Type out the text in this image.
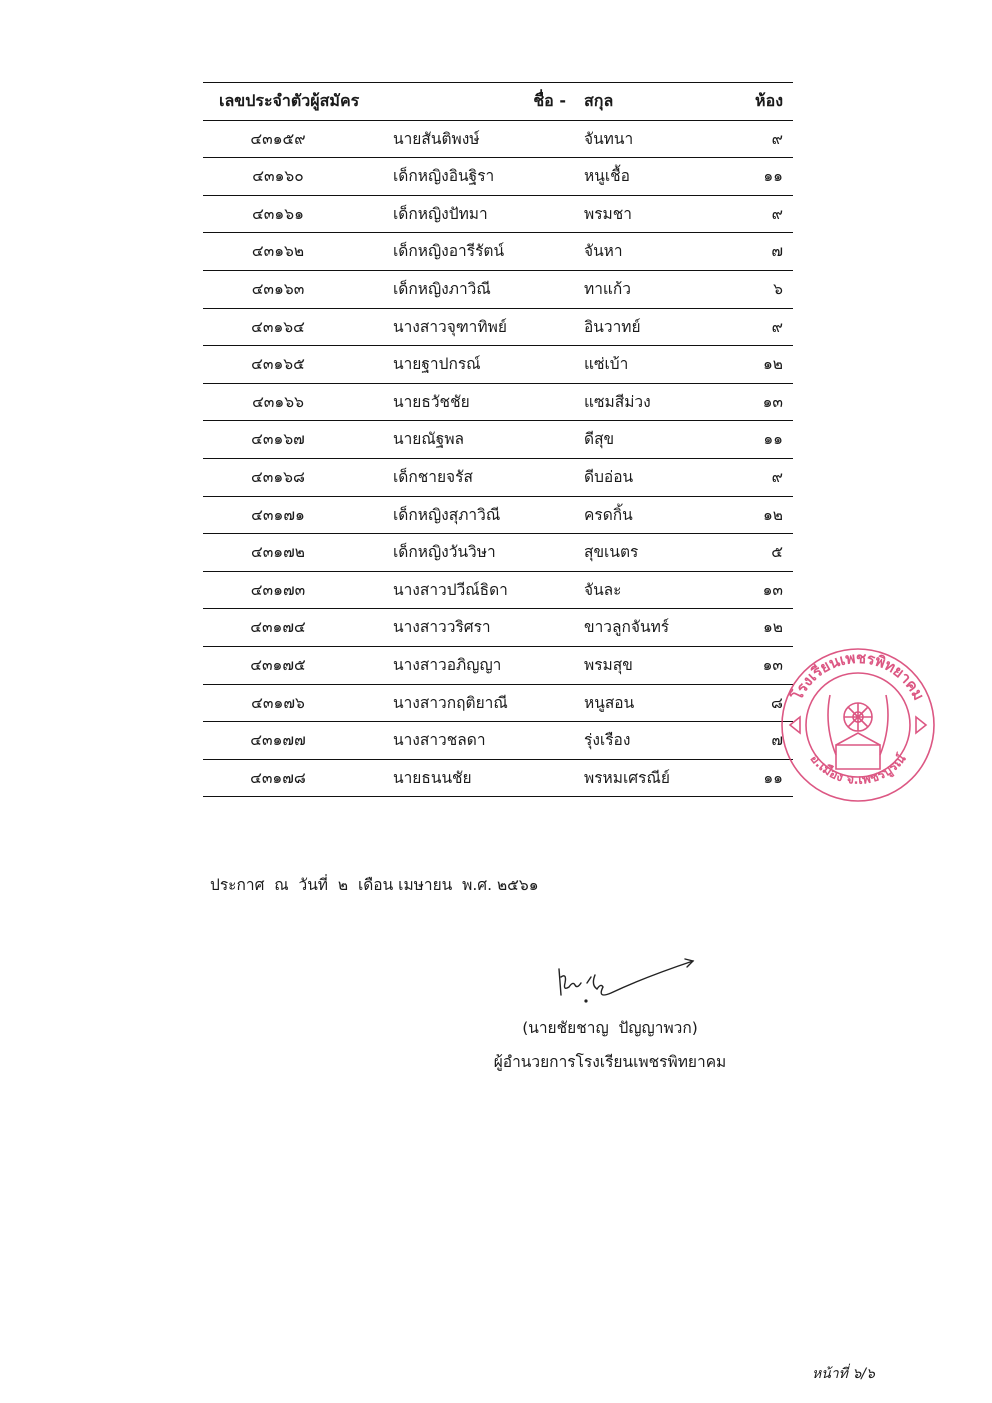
เลขประจำตัวผู้สมัคร	ชื่อ - สกุล	ห้อง
๔๓๑๕๙	นายสันติพงษ์	จันทนา	๙
๔๓๑๖๐	เด็กหญิงอินฐิรา	หนูเชื้อ	๑๑
๔๓๑๖๑	เด็กหญิงปัทมา	พรมชา	๙
๔๓๑๖๒	เด็กหญิงอารีรัตน์	จันหา	๗
๔๓๑๖๓	เด็กหญิงภาวิณี	ทาแก้ว	๖
๔๓๑๖๔	นางสาวจุฑาทิพย์	อินวาทย์	๙
๔๓๑๖๕	นายฐาปกรณ์	แซ่เบ้า	๑๒
๔๓๑๖๖	นายธวัชชัย	แซมสีม่วง	๑๓
๔๓๑๖๗	นายณัฐพล	ดีสุข	๑๑
๔๓๑๖๘	เด็กชายจรัส	ดีบอ่อน	๙
๔๓๑๗๑	เด็กหญิงสุภาวิณี	ครดกิ้น	๑๒
๔๓๑๗๒	เด็กหญิงวันวิษา	สุขเนตร	๕
๔๓๑๗๓	นางสาวปวีณ์ธิดา	จันละ	๑๓
๔๓๑๗๔	นางสาววริศรา	ขาวลูกจันทร์	๑๒
๔๓๑๗๕	นางสาวอภิญญา	พรมสุข	๑๓
๔๓๑๗๖	นางสาวกฤติยาณี	หนูสอน	๘
๔๓๑๗๗	นางสาวชลดา	รุ่งเรือง	๗
๔๓๑๗๘	นายธนนชัย	พรหมเศรณีย์	๑๑
โรงเรียนเพชรพิทยาคม
อ.เมือง จ.เพชรบูรณ์
ประกาศ  ณ  วันที่  ๒  เดือน เมษายน  พ.ศ. ๒๕๖๑
(นายชัยชาญ  ปัญญาพวก)
ผู้อำนวยการโรงเรียนเพชรพิทยาคม
หน้าที่ ๖/๖
